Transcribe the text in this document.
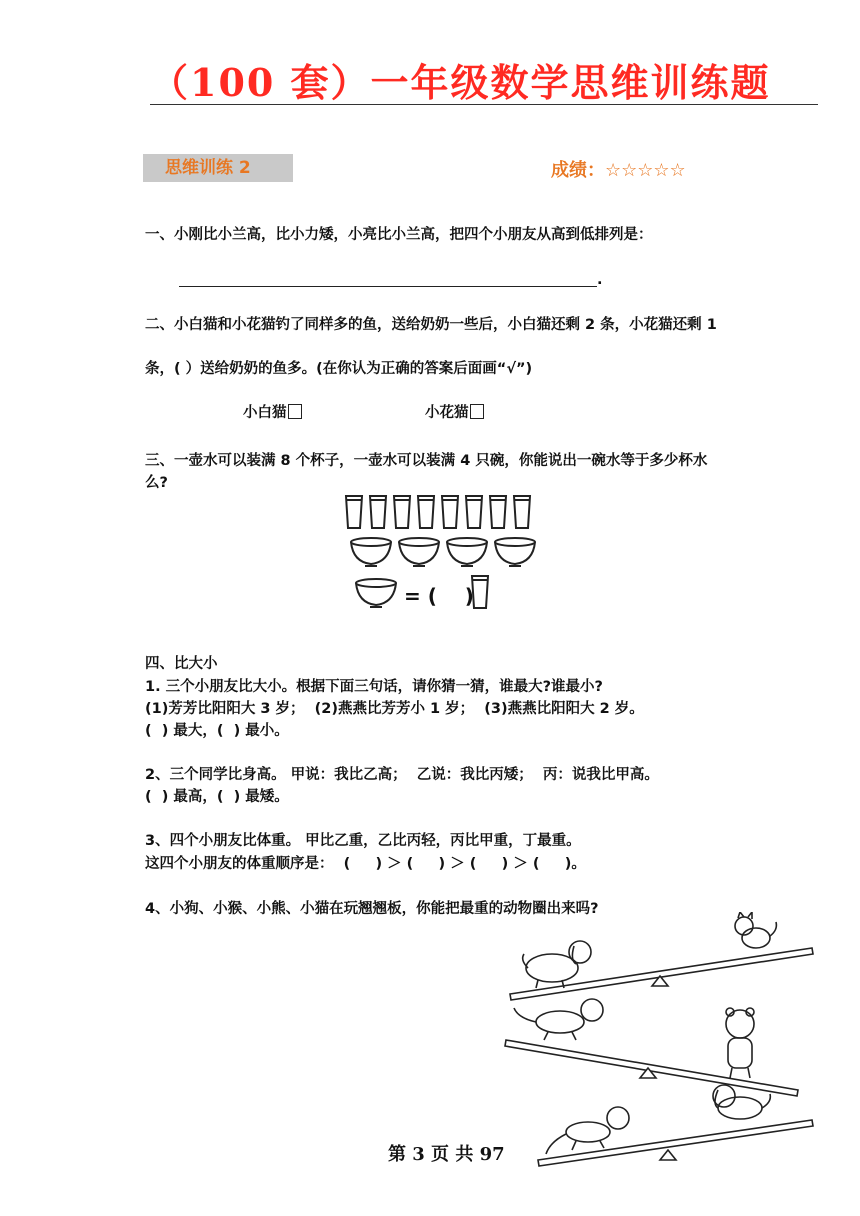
（100 套）一年级数学思维训练题
思维训练 2	成绩：☆☆☆☆☆
一、小刚比小兰高，比小力矮，小亮比小兰高，把四个小朋友从高到低排列是：
.
二、小白猫和小花猫钓了同样多的鱼，送给奶奶一些后，小白猫还剩 2 条，小花猫还剩 1
条，( ）送给奶奶的鱼多。(在你认为正确的答案后面画“√”)
小白猫	小花猫
三、一壶水可以装满 8 个杯子，一壶水可以装满 4 只碗，你能说出一碗水等于多少杯水
么?
= (    )
四、比大小
1. 三个小朋友比大小。根据下面三句话，请你猜一猜，谁最大?谁最小?
(1)芳芳比阳阳大 3 岁；  (2)燕燕比芳芳小 1 岁；  (3)燕燕比阳阳大 2 岁。
(  ) 最大，(  ) 最小。
2、三个同学比身高。 甲说：我比乙高；  乙说：我比丙矮；  丙：说我比甲高。
(  ) 最高，(  ) 最矮。
3、四个小朋友比体重。 甲比乙重，乙比丙轻，丙比甲重，丁最重。
这四个小朋友的体重顺序是：  (     ) ＞ (     ) ＞ (     ) ＞ (     )。
4、小狗、小猴、小熊、小猫在玩翘翘板，你能把最重的动物圈出来吗?
第 3 页 共 97
